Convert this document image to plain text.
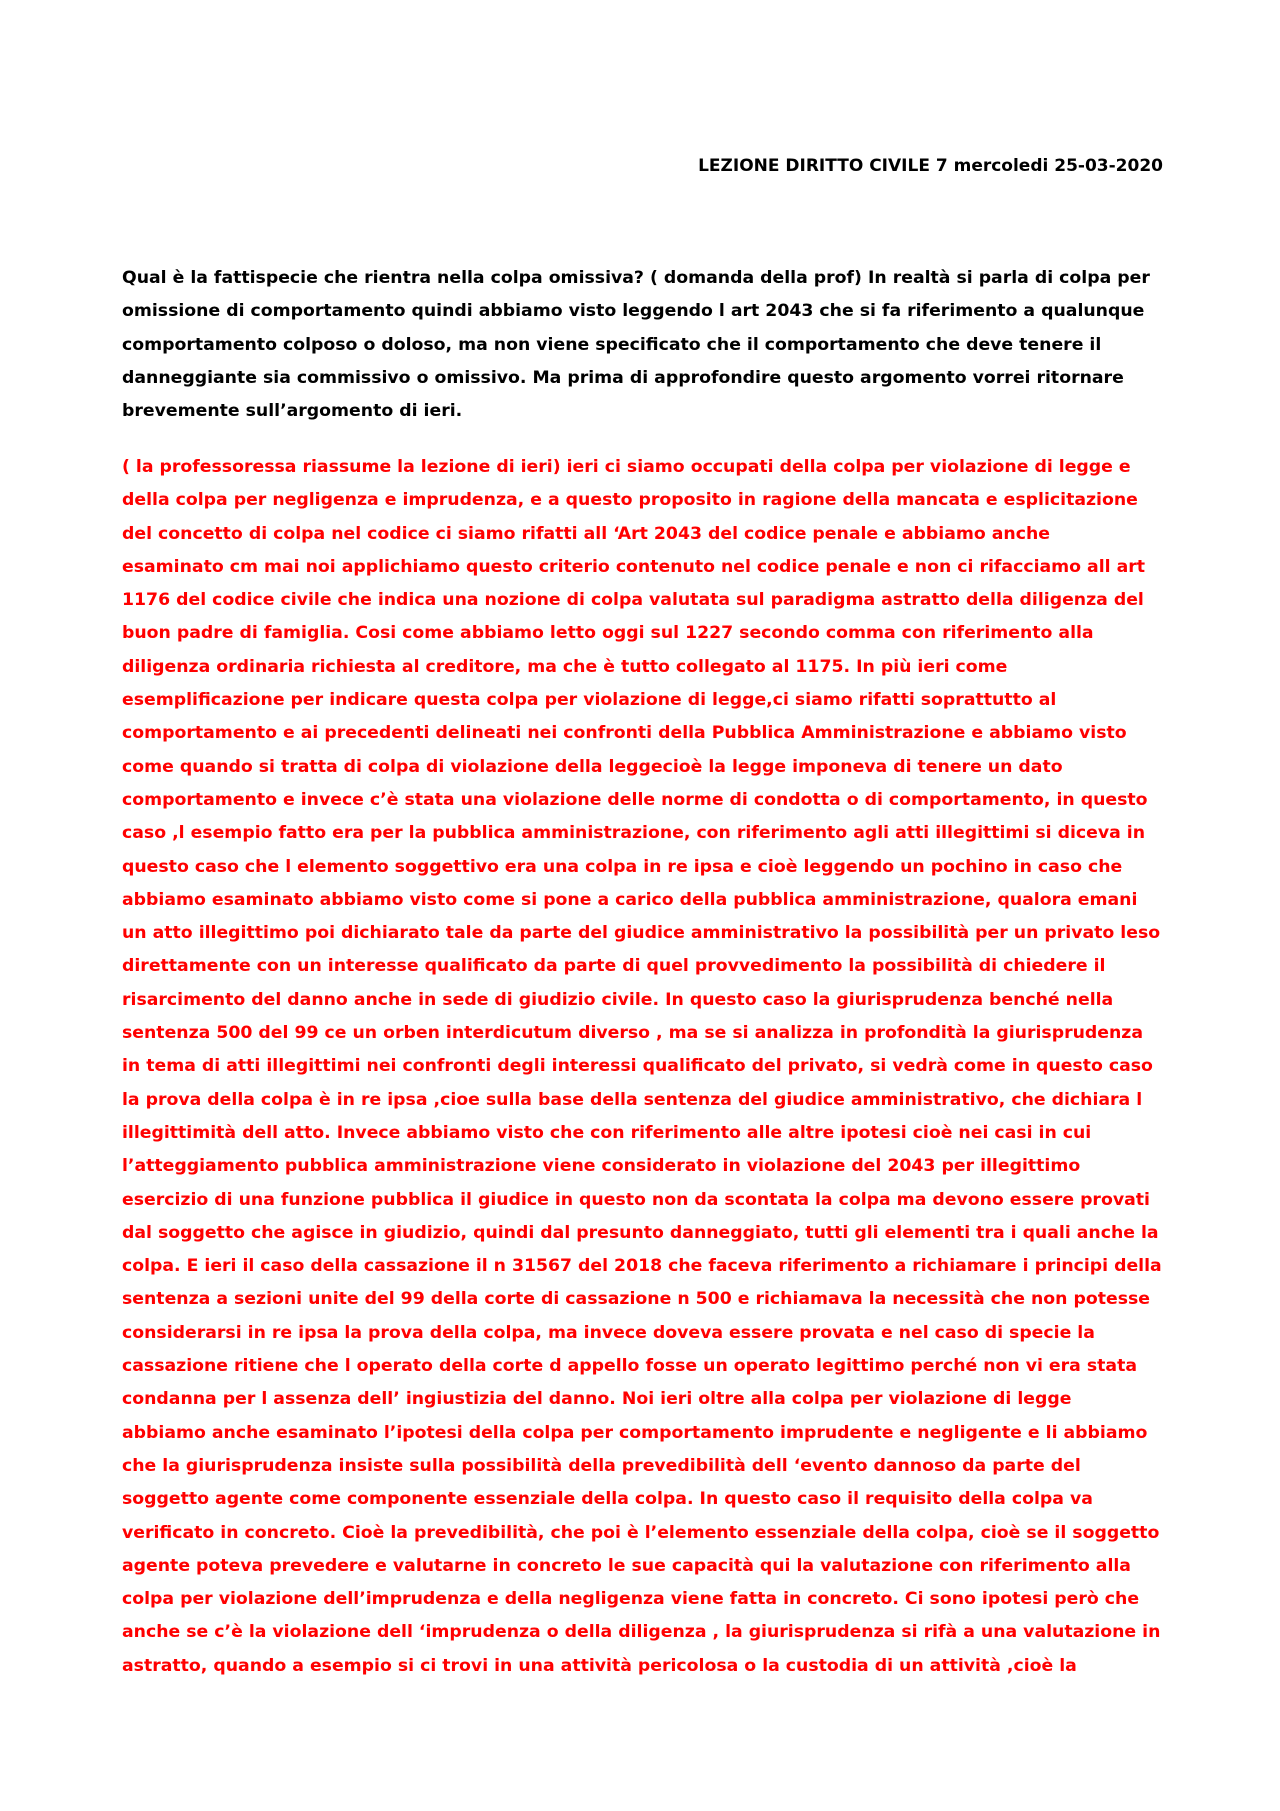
LEZIONE DIRITTO CIVILE 7 mercoledi 25-03-2020
Qual è la fattispecie che rientra nella colpa omissiva? ( domanda della prof) In realtà si parla di colpa per
omissione di comportamento quindi abbiamo visto leggendo l art 2043 che si fa riferimento a qualunque
comportamento colposo o doloso, ma non viene specificato che il comportamento che deve tenere il
danneggiante sia commissivo o omissivo. Ma prima di approfondire questo argomento vorrei ritornare
brevemente sull’argomento di ieri.
( la professoressa riassume la lezione di ieri) ieri ci siamo occupati della colpa per violazione di legge e
della colpa per negligenza e imprudenza, e a questo proposito in ragione della mancata e esplicitazione
del concetto di colpa nel codice ci siamo rifatti all ‘Art 2043 del codice penale e abbiamo anche
esaminato cm mai noi applichiamo questo criterio contenuto nel codice penale e non ci rifacciamo all art
1176 del codice civile che indica una nozione di colpa valutata sul paradigma astratto della diligenza del
buon padre di famiglia. Cosi come abbiamo letto oggi sul 1227 secondo comma con riferimento alla
diligenza ordinaria richiesta al creditore, ma che è tutto collegato al 1175. In più ieri come
esemplificazione per indicare questa colpa per violazione di legge,ci siamo rifatti soprattutto al
comportamento e ai precedenti delineati nei confronti della Pubblica Amministrazione e abbiamo visto
come quando si tratta di colpa di violazione della leggecioè la legge imponeva di tenere un dato
comportamento e invece c’è stata una violazione delle norme di condotta o di comportamento, in questo
caso ,l esempio fatto era per la pubblica amministrazione, con riferimento agli atti illegittimi si diceva in
questo caso che l elemento soggettivo era una colpa in re ipsa e cioè leggendo un pochino in caso che
abbiamo esaminato abbiamo visto come si pone a carico della pubblica amministrazione, qualora emani
un atto illegittimo poi dichiarato tale da parte del giudice amministrativo la possibilità per un privato leso
direttamente con un interesse qualificato da parte di quel provvedimento la possibilità di chiedere il
risarcimento del danno anche in sede di giudizio civile. In questo caso la giurisprudenza benché nella
sentenza 500 del 99 ce un orben interdicutum diverso , ma se si analizza in profondità la giurisprudenza
in tema di atti illegittimi nei confronti degli interessi qualificato del privato, si vedrà come in questo caso
la prova della colpa è in re ipsa ,cioe sulla base della sentenza del giudice amministrativo, che dichiara l
illegittimità dell atto. Invece abbiamo visto che con riferimento alle altre ipotesi cioè nei casi in cui
l’atteggiamento pubblica amministrazione viene considerato in violazione del 2043 per illegittimo
esercizio di una funzione pubblica il giudice in questo non da scontata la colpa ma devono essere provati
dal soggetto che agisce in giudizio, quindi dal presunto danneggiato, tutti gli elementi tra i quali anche la
colpa. E ieri il caso della cassazione il n 31567 del 2018 che faceva riferimento a richiamare i principi della
sentenza a sezioni unite del 99 della corte di cassazione n 500 e richiamava la necessità che non potesse
considerarsi in re ipsa la prova della colpa, ma invece doveva essere provata e nel caso di specie la
cassazione ritiene che l operato della corte d appello fosse un operato legittimo perché non vi era stata
condanna per l assenza dell’ ingiustizia del danno. Noi ieri oltre alla colpa per violazione di legge
abbiamo anche esaminato l’ipotesi della colpa per comportamento imprudente e negligente e li abbiamo
che la giurisprudenza insiste sulla possibilità della prevedibilità dell ‘evento dannoso da parte del
soggetto agente come componente essenziale della colpa. In questo caso il requisito della colpa va
verificato in concreto. Cioè la prevedibilità, che poi è l’elemento essenziale della colpa, cioè se il soggetto
agente poteva prevedere e valutarne in concreto le sue capacità qui la valutazione con riferimento alla
colpa per violazione dell’imprudenza e della negligenza viene fatta in concreto. Ci sono ipotesi però che
anche se c’è la violazione dell ‘imprudenza o della diligenza , la giurisprudenza si rifà a una valutazione in
astratto, quando a esempio si ci trovi in una attività pericolosa o la custodia di un attività ,cioè la
